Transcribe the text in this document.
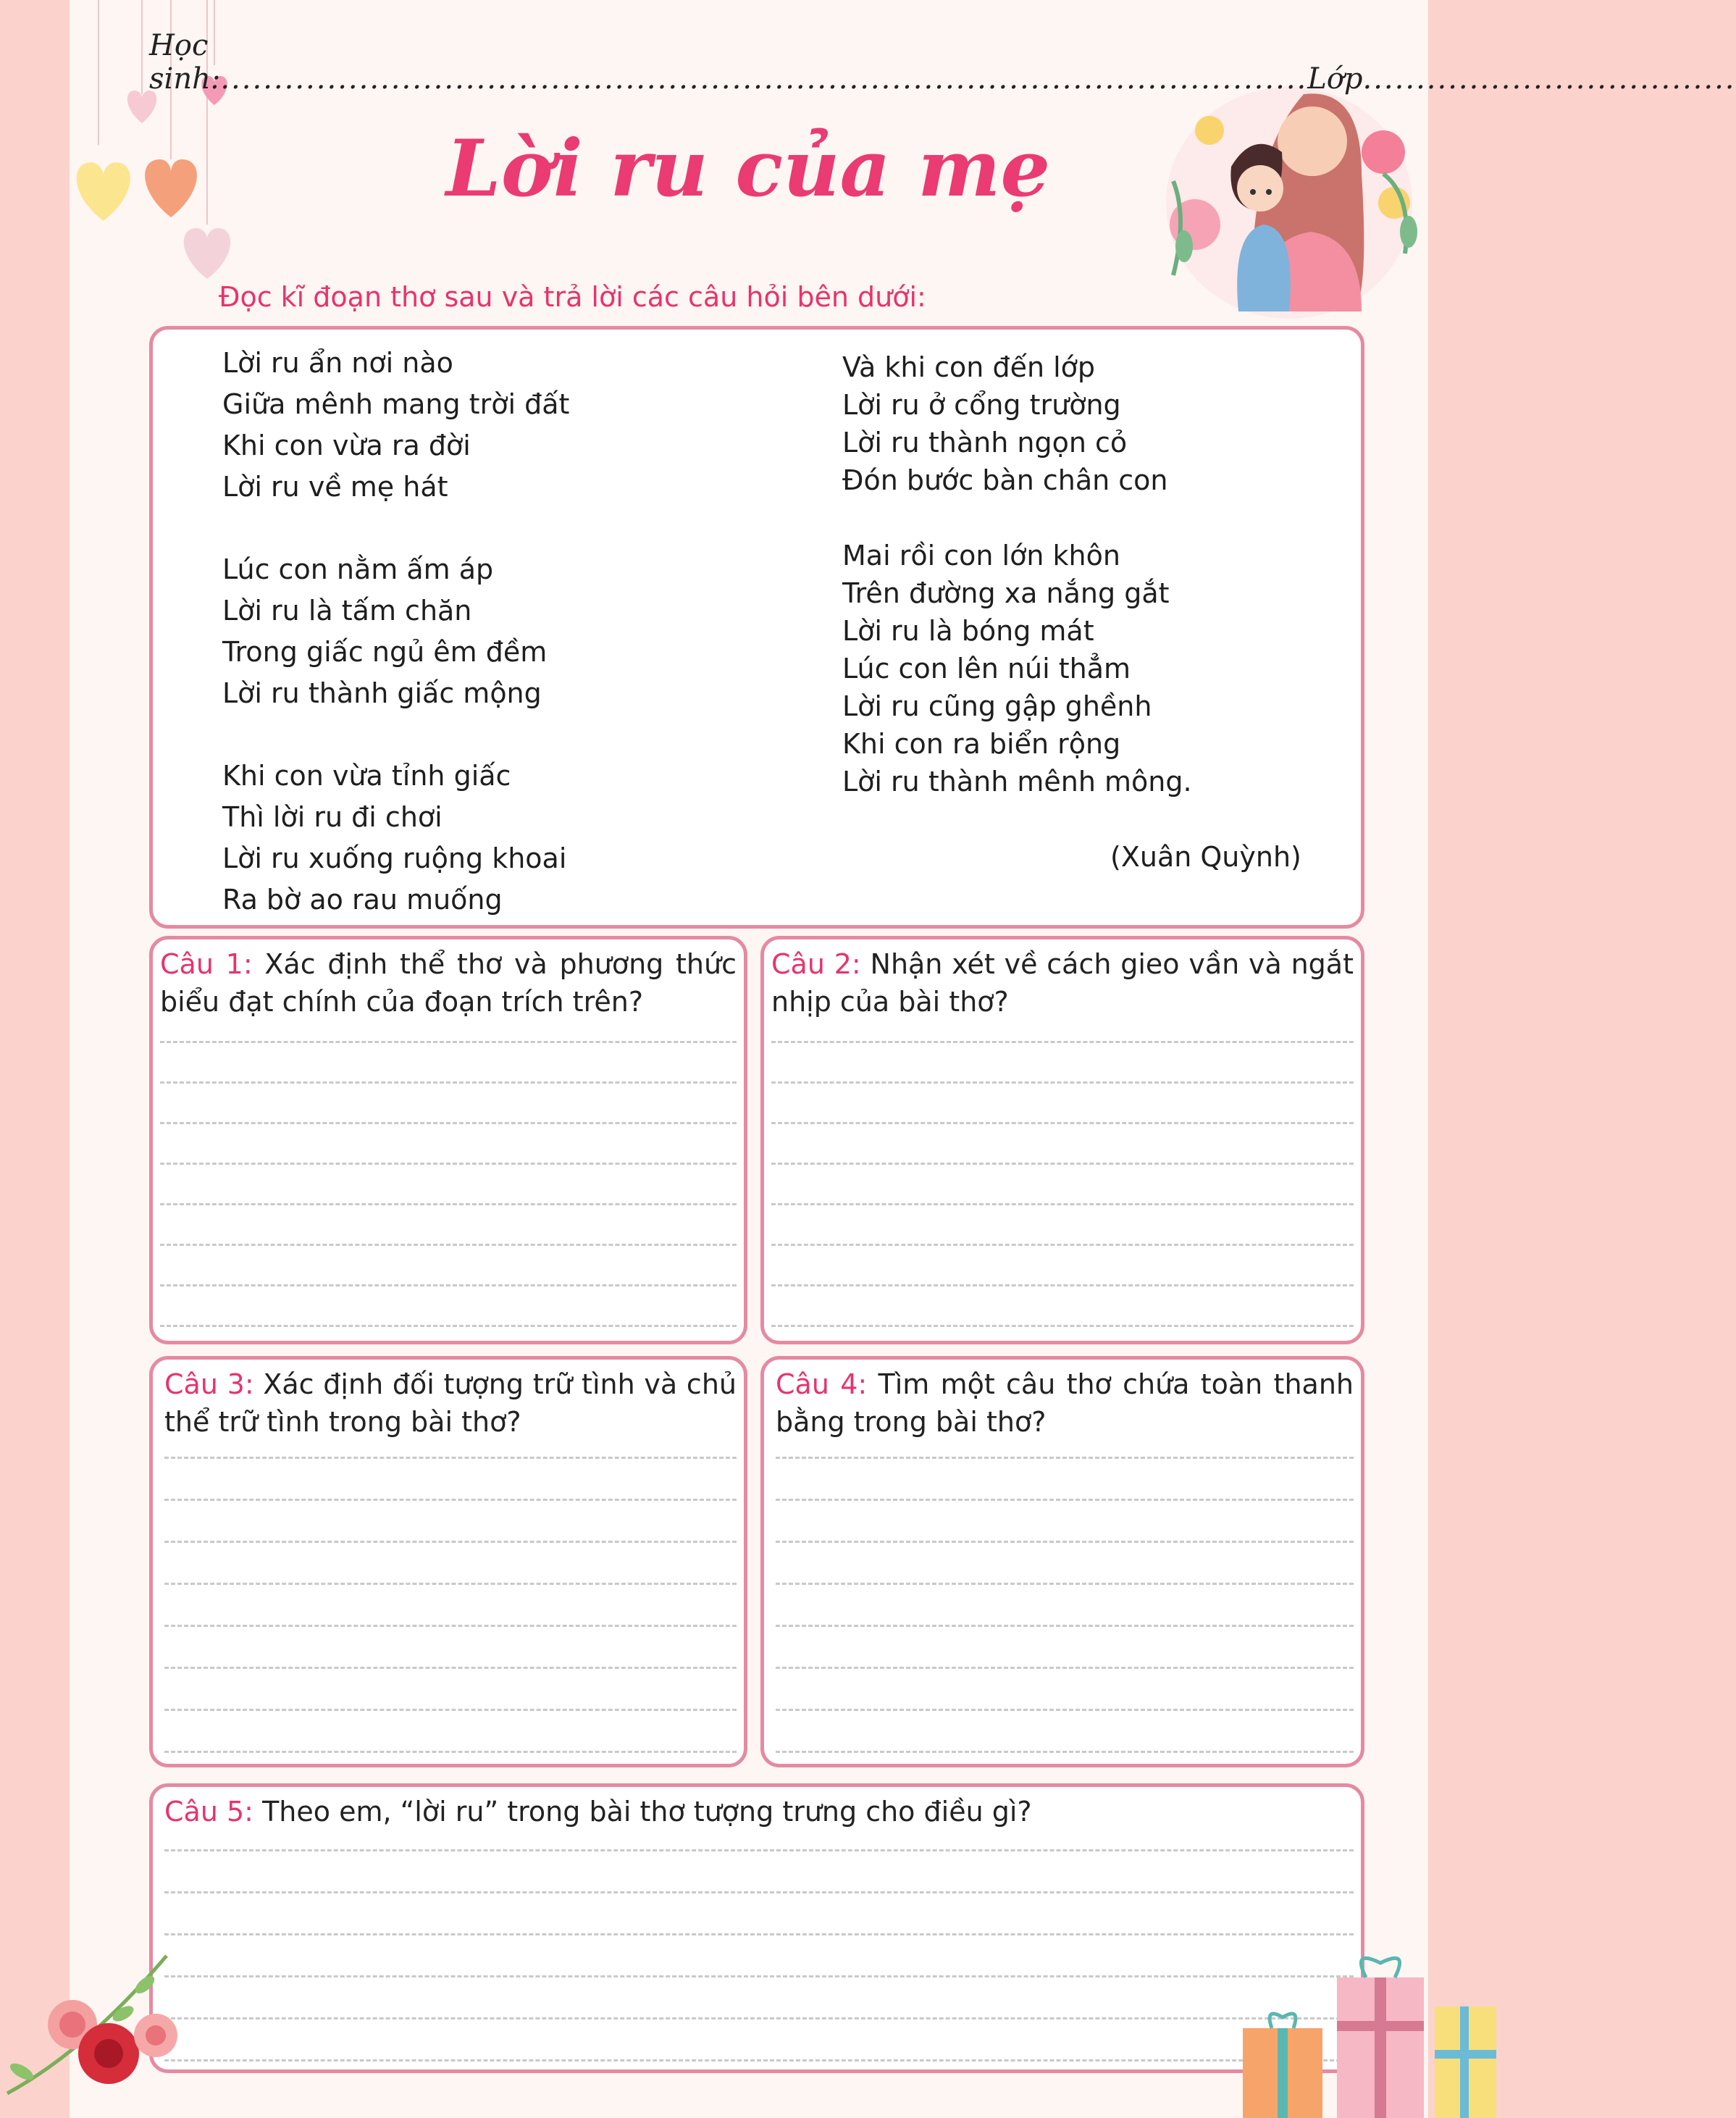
Học sinh:......................................................................................................Lớp...................................
Lời ru của mẹ
Đọc kĩ đoạn thơ sau và trả lời các câu hỏi bên dưới:
Lời ru ẩn nơi nào
Giữa mênh mang trời đất
Khi con vừa ra đời
Lời ru về mẹ hát
Lúc con nằm ấm áp
Lời ru là tấm chăn
Trong giấc ngủ êm đềm
Lời ru thành giấc mộng
Khi con vừa tỉnh giấc
Thì lời ru đi chơi
Lời ru xuống ruộng khoai
Ra bờ ao rau muống
Và khi con đến lớp
Lời ru ở cổng trường
Lời ru thành ngọn cỏ
Đón bước bàn chân con
Mai rồi con lớn khôn
Trên đường xa nắng gắt
Lời ru là bóng mát
Lúc con lên núi thẳm
Lời ru cũng gập ghềnh
Khi con ra biển rộng
Lời ru thành mênh mông.
(Xuân Quỳnh)
Câu 1: Xác định thể thơ và phương thức biểu đạt chính của đoạn trích trên?
Câu 2: Nhận xét về cách gieo vần và ngắt nhịp của bài thơ?
Câu 3: Xác định đối tượng trữ tình và chủ thể trữ tình trong bài thơ?
Câu 4: Tìm một câu thơ chứa toàn thanh bằng trong bài thơ?
Câu 5: Theo em, “lời ru” trong bài thơ tượng trưng cho điều gì?
